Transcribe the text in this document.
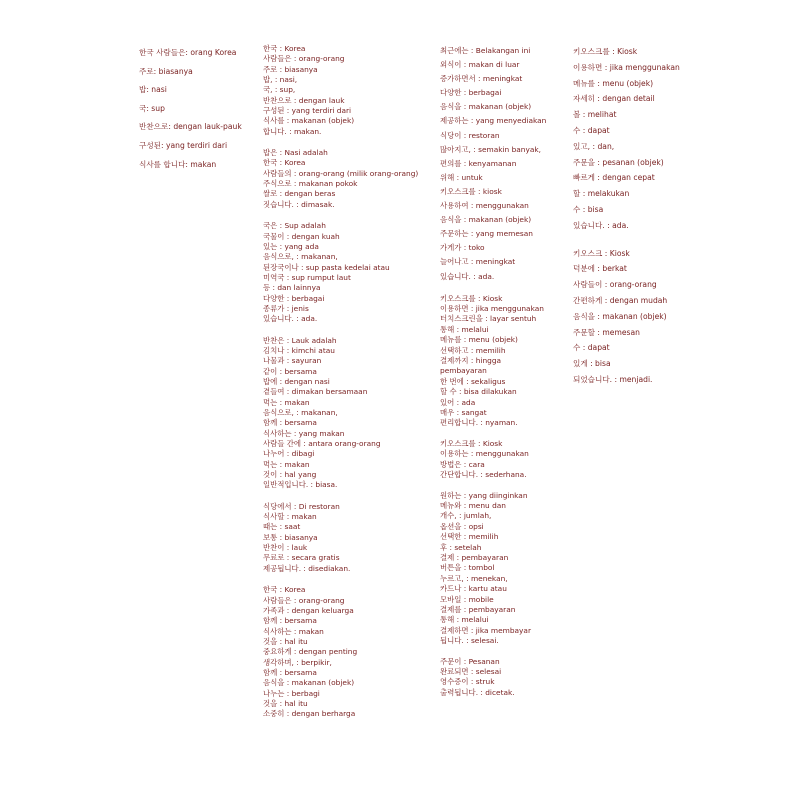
한국 사람들은: orang Korea
주로: biasanya
밥: nasi
국: sup
반찬으로: dengan lauk-pauk
구성된: yang terdiri dari
식사를 합니다: makan
한국 : Korea
사람들은 : orang-orang
주로 : biasanya
밥, : nasi,
국, : sup,
반찬으로 : dengan lauk
구성된 : yang terdiri dari
식사를 : makanan (objek)
합니다. : makan.
밥은 : Nasi adalah
한국 : Korea
사람들의 : orang-orang (milik orang-orang)
주식으로 : makanan pokok
쌀로 : dengan beras
짓습니다. : dimasak.
국은 : Sup adalah
국물이 : dengan kuah
있는 : yang ada
음식으로, : makanan,
된장국이나 : sup pasta kedelai atau
미역국 : sup rumput laut
등 : dan lainnya
다양한 : berbagai
종류가 : jenis
있습니다. : ada.
반찬은 : Lauk adalah
김치나 : kimchi atau
나물과 : sayuran
같이 : bersama
밥에 : dengan nasi
곁들여 : dimakan bersamaan
먹는 : makan
음식으로, : makanan,
함께 : bersama
식사하는 : yang makan
사람들 간에 : antara orang-orang
나누어 : dibagi
먹는 : makan
것이 : hal yang
일반적입니다. : biasa.
식당에서 : Di restoran
식사할 : makan
때는 : saat
보통 : biasanya
반찬이 : lauk
무료로 : secara gratis
제공됩니다. : disediakan.
한국 : Korea
사람들은 : orang-orang
가족과 : dengan keluarga
함께 : bersama
식사하는 : makan
것을 : hal itu
중요하게 : dengan penting
생각하며, : berpikir,
함께 : bersama
음식을 : makanan (objek)
나누는 : berbagi
것을 : hal itu
소중히 : dengan berharga
최근에는 : Belakangan ini
외식이 : makan di luar
증가하면서 : meningkat
다양한 : berbagai
음식을 : makanan (objek)
제공하는 : yang menyediakan
식당이 : restoran
많아지고, : semakin banyak,
편의를 : kenyamanan
위해 : untuk
키오스크를 : kiosk
사용하여 : menggunakan
음식을 : makanan (objek)
주문하는 : yang memesan
가게가 : toko
늘어나고 : meningkat
있습니다. : ada.
키오스크를 : Kiosk
이용하면 : jika menggunakan
터치스크린을 : layar sentuh
통해 : melalui
메뉴를 : menu (objek)
선택하고 : memilih
결제까지 : hingga
pembayaran
한 번에 : sekaligus
할 수 : bisa dilakukan
있어 : ada
매우 : sangat
편리합니다. : nyaman.
키오스크를 : Kiosk
이용하는 : menggunakan
방법은 : cara
간단합니다. : sederhana.
원하는 : yang diinginkan
메뉴와 : menu dan
개수, : jumlah,
옵션을 : opsi
선택한 : memilih
후 : setelah
결제 : pembayaran
버튼을 : tombol
누르고, : menekan,
카드나 : kartu atau
모바일 : mobile
결제를 : pembayaran
통해 : melalui
결제하면 : jika membayar
됩니다. : selesai.
주문이 : Pesanan
완료되면 : selesai
영수증이 : struk
출력됩니다. : dicetak.
키오스크를 : Kiosk
이용하면 : jika menggunakan
메뉴를 : menu (objek)
자세히 : dengan detail
볼 : melihat
수 : dapat
있고, : dan,
주문을 : pesanan (objek)
빠르게 : dengan cepat
할 : melakukan
수 : bisa
있습니다. : ada.
키오스크 : Kiosk
덕분에 : berkat
사람들이 : orang-orang
간편하게 : dengan mudah
음식을 : makanan (objek)
주문할 : memesan
수 : dapat
있게 : bisa
되었습니다. : menjadi.
